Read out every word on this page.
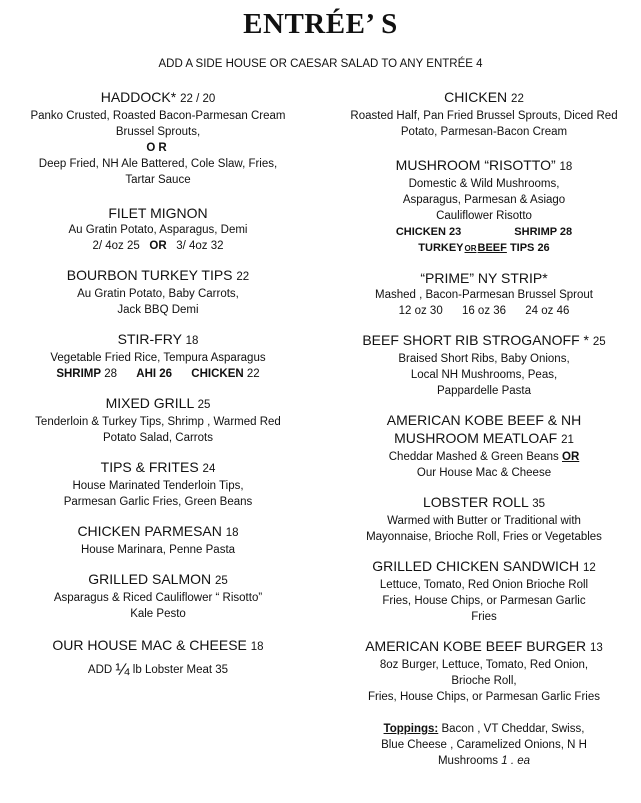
ENTRÉE’ S
ADD A SIDE HOUSE OR CAESAR SALAD TO ANY ENTRÉE 4
HADDOCK* 22 / 20
Panko Crusted, Roasted Bacon-Parmesan Cream
Brussel Sprouts,
OR
Deep Fried, NH Ale Battered, Cole Slaw, Fries,
Tartar Sauce
FILET MIGNON
Au Gratin Potato, Asparagus, Demi
2/ 4oz 25 OR 3/ 4oz 32
BOURBON TURKEY TIPS 22
Au Gratin Potato, Baby Carrots,
Jack BBQ Demi
STIR-FRY 18
Vegetable Fried Rice, Tempura Asparagus
SHRIMP 28 AHI 26 CHICKEN 22
MIXED GRILL 25
Tenderloin & Turkey Tips, Shrimp , Warmed Red
Potato Salad, Carrots
TIPS & FRITES 24
House Marinated Tenderloin Tips,
Parmesan Garlic Fries, Green Beans
CHICKEN PARMESAN 18
House Marinara, Penne Pasta
GRILLED SALMON 25
Asparagus & Riced Cauliflower “ Risotto”
Kale Pesto
OUR HOUSE MAC & CHEESE 18
ADD ¼ lb Lobster Meat 35
CHICKEN 22
Roasted Half, Pan Fried Brussel Sprouts, Diced Red
Potato, Parmesan-Bacon Cream
MUSHROOM “RISOTTO” 18
Domestic & Wild Mushrooms,
Asparagus, Parmesan & Asiago
Cauliflower Risotto
CHICKEN 23	SHRIMP 28
TURKEYORBEEF TIPS 26
“PRIME” NY STRIP*
Mashed , Bacon-Parmesan Brussel Sprout
12 oz 30 16 oz 36 24 oz 46
BEEF SHORT RIB STROGANOFF * 25
Braised Short Ribs, Baby Onions,
Local NH Mushrooms, Peas,
Pappardelle Pasta
AMERICAN KOBE BEEF & NH
MUSHROOM MEATLOAF 21
Cheddar Mashed & Green Beans OR
Our House Mac & Cheese
LOBSTER ROLL 35
Warmed with Butter or Traditional with
Mayonnaise, Brioche Roll, Fries or Vegetables
GRILLED CHICKEN SANDWICH 12
Lettuce, Tomato, Red Onion Brioche Roll
Fries, House Chips, or Parmesan Garlic
Fries
AMERICAN KOBE BEEF BURGER 13
8oz Burger, Lettuce, Tomato, Red Onion,
Brioche Roll,
Fries, House Chips, or Parmesan Garlic Fries
Toppings: Bacon , VT Cheddar, Swiss,
Blue Cheese , Caramelized Onions, N H
Mushrooms 1 . ea
